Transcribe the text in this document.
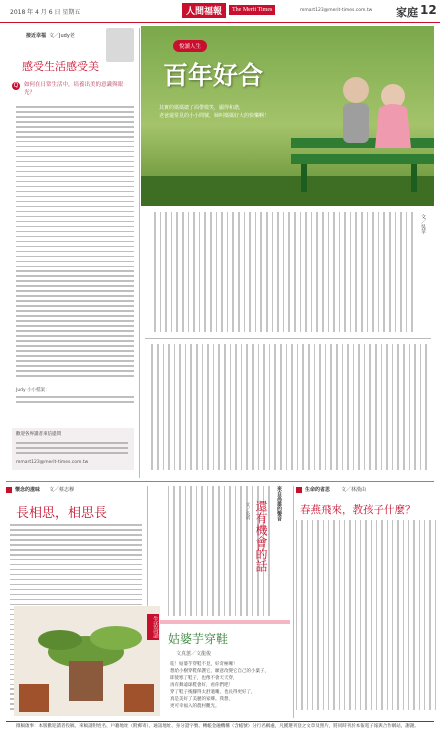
2018 年 4 月 6 日 星期五	人間福報	The Merit Times	mmart123@merit-times.com.tw 家庭 12
接近幸福 文／Judy老
感受生活感受美
Q 如何在日常生活中，培養出美的意識與眼光？
Judy 小小檔案：
歡迎各界讀者來信提問
mmart123@merit-times.com.tw
悅讀人生
百年好合
其實的媽媽總了面帶微笑，顯得和諧，
老爸還常見的小小問號，婦叫媽媽好大的快樂啊！
文／吳苹
懷念的滋味 文／蔡志穆
長相思，相思長	來自高雄的聲音
還有機會的話
文／吳明
生命的省思 文／林漢由
春燕飛來，教孩子什麼？
生活詩話
姑婆芋穿鞋
文真蕙／文龍俊
哇！姑婆芋穿鞋不見，好奇極囉！
想給小樹穿鞋保護它，願意改變它自己的小葉子，
即使寒了鞋子，也像不會天天穿，
再有舞遠球鞋會好，看你們吧！
穿了鞋子後腳得太舒適嘍，也長得更好了，
真是美好了美麗的家鄉。我想，
更可幸福入的農村觀光。
徵稿啟事：本版歡迎讀者投稿，來稿請附姓名、戶籍地址（附郵寄）、通訊地址、身分證字號、轉帳金融機構（含帳號）分行名稱處，凡獲選刊登之文章及照片，將同時刊於本報電子報與合作網站，謝謝。
